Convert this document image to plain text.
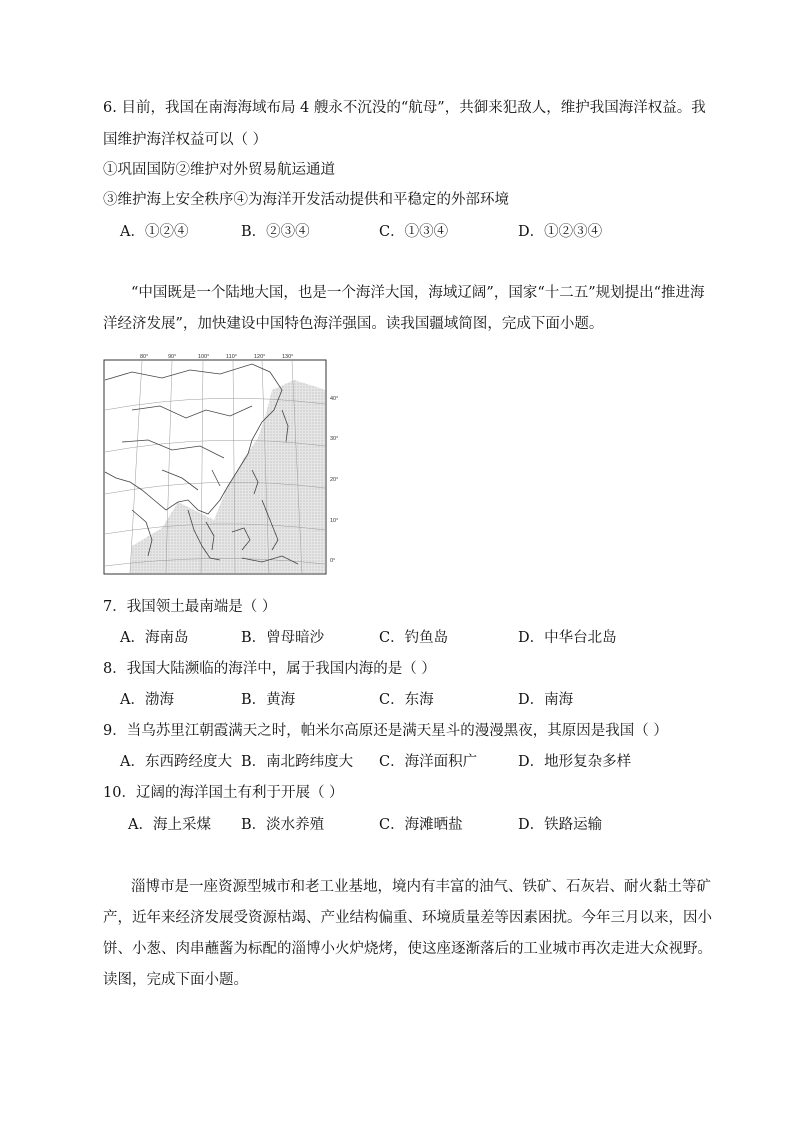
6. 目前，我国在南海海域布局 4 艘永不沉没的“航母”，共御来犯敌人，维护我国海洋权益。我
国维护海洋权益可以（ ）
①巩固国防②维护对外贸易航运通道
③维护海上安全秩序④为海洋开发活动提供和平稳定的外部环境
A．①②④	B．②③④	C．①③④	D．①②③④
“中国既是一个陆地大国，也是一个海洋大国，海域辽阔”，国家“十二五”规划提出“推进海
洋经济发展”，加快建设中国特色海洋强国。读我国疆域简图，完成下面小题。
80°	90°	100°	110°	120°	130°
40°
30°
20°
10°
0°
7．我国领土最南端是（ ）
A．海南岛	B．曾母暗沙	C．钓鱼岛	D．中华台北岛
8．我国大陆濒临的海洋中，属于我国内海的是（ ）
A．渤海	B．黄海	C．东海	D．南海
9．当乌苏里江朝霞满天之时，帕米尔高原还是满天星斗的漫漫黑夜，其原因是我国（ ）
A．东西跨经度大 B．南北跨纬度大 C．海洋面积广	D．地形复杂多样
10．辽阔的海洋国土有利于开展（ ）
A．海上采煤 B．淡水养殖	C．海滩晒盐	D．铁路运输
淄博市是一座资源型城市和老工业基地，境内有丰富的油气、铁矿、石灰岩、耐火黏土等矿
产，近年来经济发展受资源枯竭、产业结构偏重、环境质量差等因素困扰。今年三月以来，因小
饼、小葱、肉串蘸酱为标配的淄博小火炉烧烤，使这座逐渐落后的工业城市再次走进大众视野。
读图，完成下面小题。
